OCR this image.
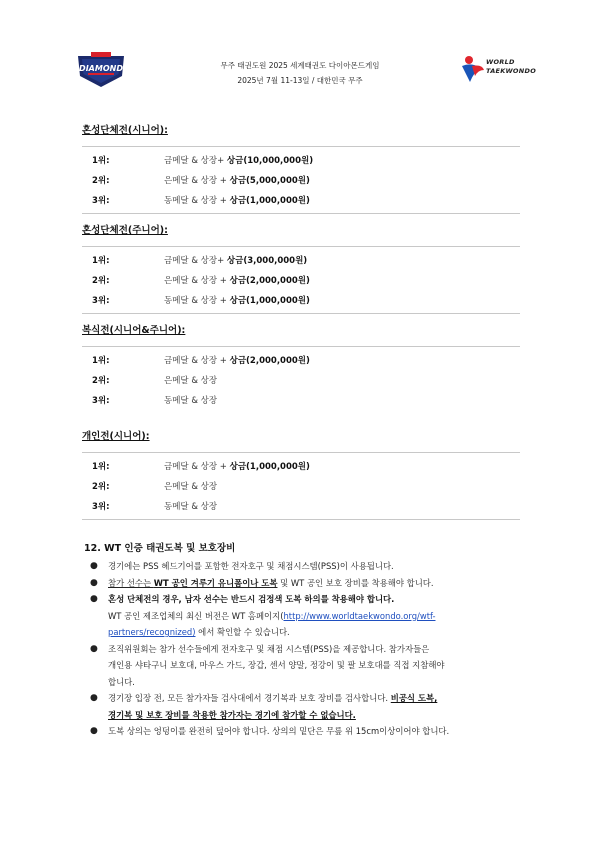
DIAMOND	무주 태권도원 2025 세계태권도 다이아몬드게임
2025년 7월 11-13일 / 대한민국 무주
WORLD
TAEKWONDO
혼성단체전(시니어):
1위:	금메달 & 상장+ 상금(10,000,000원)
2위:	은메달 & 상장 + 상금(5,000,000원)
3위:	동메달 & 상장 + 상금(1,000,000원)
혼성단체전(주니어):
1위:	금메달 & 상장+ 상금(3,000,000원)
2위:	은메달 & 상장 + 상금(2,000,000원)
3위:	동메달 & 상장 + 상금(1,000,000원)
복식전(시니어&주니어):
1위:	금메달 & 상장 + 상금(2,000,000원)
2위:	은메달 & 상장
3위:	동메달 & 상장
개인전(시니어):
1위:	금메달 & 상장 + 상금(1,000,000원)
2위:	은메달 & 상장
3위:	동메달 & 상장
12. WT 인증 태권도복 및 보호장비
● 경기에는 PSS 헤드기어를 포함한 전자호구 및 채점시스템(PSS)이 사용됩니다.
● 참가 선수는 WT 공인 겨루기 유니폼이나 도복 및 WT 공인 보호 장비를 착용해야 합니다.
● 혼성 단체전의 경우, 남자 선수는 반드시 검정색 도복 하의를 착용해야 합니다.
WT 공인 제조업체의 최신 버전은 WT 홈페이지(http://www.worldtaekwondo.org/wtf-
partners/recognized) 에서 확인할 수 있습니다.
● 조직위원회는 참가 선수들에게 전자호구 및 채점 시스템(PSS)을 제공합니다. 참가자들은
개인용 샤타구니 보호대, 마우스 가드, 장갑, 센서 양말, 정강이 및 팔 보호대를 직접 지참해야
합니다.
● 경기장 입장 전, 모든 참가자들 검사대에서 경기복과 보호 장비를 검사합니다. 비공식 도복,
경기복 및 보호 장비를 착용한 참가자는 경기에 참가할 수 없습니다.
● 도복 상의는 엉덩이를 완전히 덮어야 합니다. 상의의 밑단은 무릎 위 15cm이상이어야 합니다.
